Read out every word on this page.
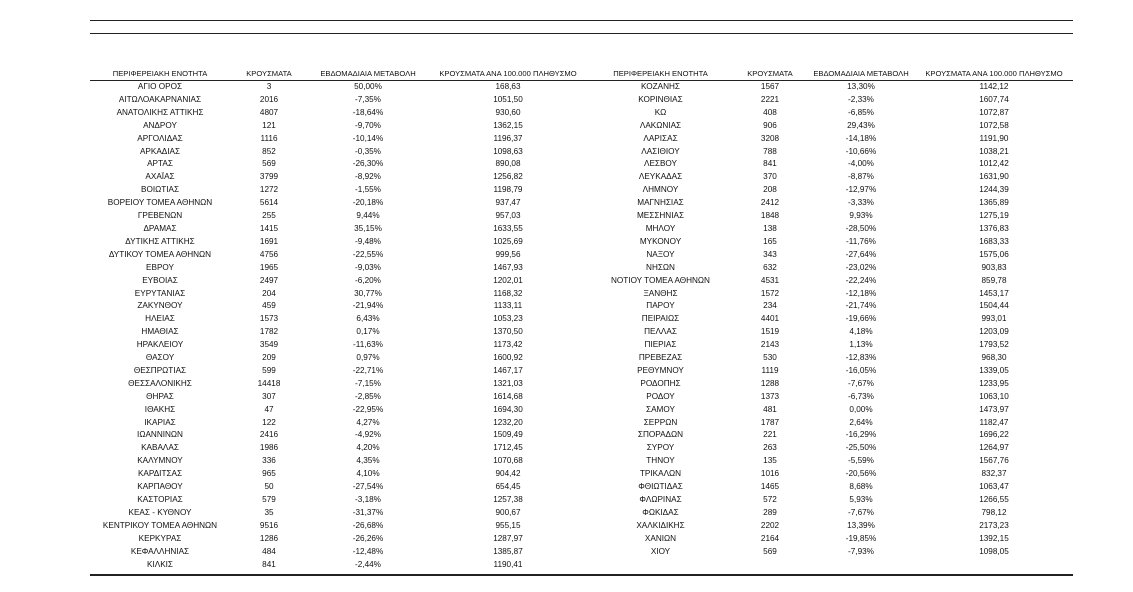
ΠΕΡΙΦΕΡΕΙΑΚΗ ΕΝΟΤΗΤΑ	ΚΡΟΥΣΜΑΤΑ	ΕΒΔΟΜΑΔΙΑΙΑ ΜΕΤΑΒΟΛΗ	ΚΡΟΥΣΜΑΤΑ ΑΝΑ 100.000 ΠΛΗΘΥΣΜΟ	ΠΕΡΙΦΕΡΕΙΑΚΗ ΕΝΟΤΗΤΑ	ΚΡΟΥΣΜΑΤΑ	ΕΒΔΟΜΑΔΙΑΙΑ ΜΕΤΑΒΟΛΗ	ΚΡΟΥΣΜΑΤΑ ΑΝΑ 100.000 ΠΛΗΘΥΣΜΟ
ΑΓΙΟ ΟΡΟΣ	3	50,00%	168,63	ΚΟΖΑΝΗΣ	1567	13,30%	1142,12
ΑΙΤΩΛΟΑΚΑΡΝΑΝΙΑΣ	2016	-7,35%	1051,50	ΚΟΡΙΝΘΙΑΣ	2221	-2,33%	1607,74
ΑΝΑΤΟΛΙΚΗΣ ΑΤΤΙΚΗΣ	4807	-18,64%	930,60	ΚΩ	408	-6,85%	1072,87
ΑΝΔΡΟΥ	121	-9,70%	1362,15	ΛΑΚΩΝΙΑΣ	906	29,43%	1072,58
ΑΡΓΟΛΙΔΑΣ	1116	-10,14%	1196,37	ΛΑΡΙΣΑΣ	3208	-14,18%	1191,90
ΑΡΚΑΔΙΑΣ	852	-0,35%	1098,63	ΛΑΣΙΘΙΟΥ	788	-10,66%	1038,21
ΑΡΤΑΣ	569	-26,30%	890,08	ΛΕΣΒΟΥ	841	-4,00%	1012,42
ΑΧΑΪΑΣ	3799	-8,92%	1256,82	ΛΕΥΚΑΔΑΣ	370	-8,87%	1631,90
ΒΟΙΩΤΙΑΣ	1272	-1,55%	1198,79	ΛΗΜΝΟΥ	208	-12,97%	1244,39
ΒΟΡΕΙΟΥ ΤΟΜΕΑ ΑΘΗΝΩΝ	5614	-20,18%	937,47	ΜΑΓΝΗΣΙΑΣ	2412	-3,33%	1365,89
ΓΡΕΒΕΝΩΝ	255	9,44%	957,03	ΜΕΣΣΗΝΙΑΣ	1848	9,93%	1275,19
ΔΡΑΜΑΣ	1415	35,15%	1633,55	ΜΗΛΟΥ	138	-28,50%	1376,83
ΔΥΤΙΚΗΣ ΑΤΤΙΚΗΣ	1691	-9,48%	1025,69	ΜΥΚΟΝΟΥ	165	-11,76%	1683,33
ΔΥΤΙΚΟΥ ΤΟΜΕΑ ΑΘΗΝΩΝ	4756	-22,55%	999,56	ΝΑΞΟΥ	343	-27,64%	1575,06
ΕΒΡΟΥ	1965	-9,03%	1467,93	ΝΗΣΩΝ	632	-23,02%	903,83
ΕΥΒΟΙΑΣ	2497	-6,20%	1202,01	ΝΟΤΙΟΥ ΤΟΜΕΑ ΑΘΗΝΩΝ	4531	-22,24%	859,78
ΕΥΡΥΤΑΝΙΑΣ	204	30,77%	1168,32	ΞΑΝΘΗΣ	1572	-12,18%	1453,17
ΖΑΚΥΝΘΟΥ	459	-21,94%	1133,11	ΠΑΡΟΥ	234	-21,74%	1504,44
ΗΛΕΙΑΣ	1573	6,43%	1053,23	ΠΕΙΡΑΙΩΣ	4401	-19,66%	993,01
ΗΜΑΘΙΑΣ	1782	0,17%	1370,50	ΠΕΛΛΑΣ	1519	4,18%	1203,09
ΗΡΑΚΛΕΙΟΥ	3549	-11,63%	1173,42	ΠΙΕΡΙΑΣ	2143	1,13%	1793,52
ΘΑΣΟΥ	209	0,97%	1600,92	ΠΡΕΒΕΖΑΣ	530	-12,83%	968,30
ΘΕΣΠΡΩΤΙΑΣ	599	-22,71%	1467,17	ΡΕΘΥΜΝΟΥ	1119	-16,05%	1339,05
ΘΕΣΣΑΛΟΝΙΚΗΣ	14418	-7,15%	1321,03	ΡΟΔΟΠΗΣ	1288	-7,67%	1233,95
ΘΗΡΑΣ	307	-2,85%	1614,68	ΡΟΔΟΥ	1373	-6,73%	1063,10
ΙΘΑΚΗΣ	47	-22,95%	1694,30	ΣΑΜΟΥ	481	0,00%	1473,97
ΙΚΑΡΙΑΣ	122	4,27%	1232,20	ΣΕΡΡΩΝ	1787	2,64%	1182,47
ΙΩΑΝΝΙΝΩΝ	2416	-4,92%	1509,49	ΣΠΟΡΑΔΩΝ	221	-16,29%	1696,22
ΚΑΒΑΛΑΣ	1986	4,20%	1712,45	ΣΥΡΟΥ	263	-25,50%	1264,97
ΚΑΛΥΜΝΟΥ	336	4,35%	1070,68	ΤΗΝΟΥ	135	-5,59%	1567,76
ΚΑΡΔΙΤΣΑΣ	965	4,10%	904,42	ΤΡΙΚΑΛΩΝ	1016	-20,56%	832,37
ΚΑΡΠΑΘΟΥ	50	-27,54%	654,45	ΦΘΙΩΤΙΔΑΣ	1465	8,68%	1063,47
ΚΑΣΤΟΡΙΑΣ	579	-3,18%	1257,38	ΦΛΩΡΙΝΑΣ	572	5,93%	1266,55
ΚΕΑΣ - ΚΥΘΝΟΥ	35	-31,37%	900,67	ΦΩΚΙΔΑΣ	289	-7,67%	798,12
ΚΕΝΤΡΙΚΟΥ ΤΟΜΕΑ ΑΘΗΝΩΝ	9516	-26,68%	955,15	ΧΑΛΚΙΔΙΚΗΣ	2202	13,39%	2173,23
ΚΕΡΚΥΡΑΣ	1286	-26,26%	1287,97	ΧΑΝΙΩΝ	2164	-19,85%	1392,15
ΚΕΦΑΛΛΗΝΙΑΣ	484	-12,48%	1385,87	ΧΙΟΥ	569	-7,93%	1098,05
ΚΙΛΚΙΣ	841	-2,44%	1190,41				
